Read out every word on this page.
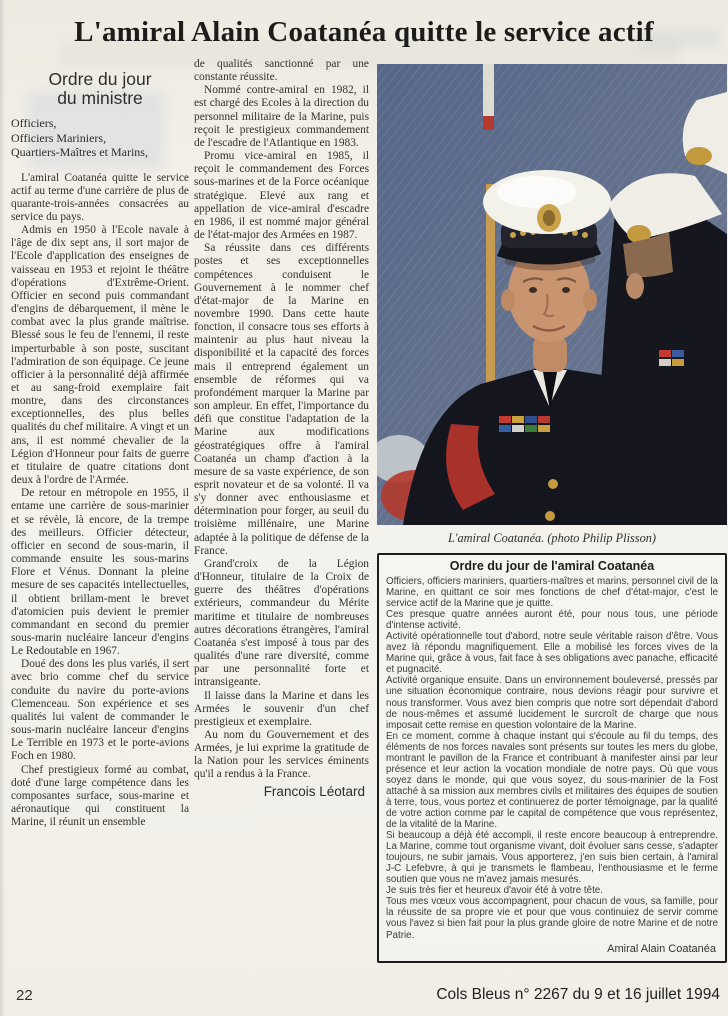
L'amiral Alain Coatanéa quitte le service actif
Ordre du jour
du ministre
Officiers,
Officiers Mariniers,
Quartiers-Maîtres et Marins,

L'amiral Coatanéa quitte le service actif au terme d'une carrière de plus de quarante-trois-années consacrées au service du pays.

Admis en 1950 à l'Ecole navale à l'âge de dix sept ans, il sort major de l'Ecole d'application des enseignes de vaisseau en 1953 et rejoint le théâtre d'opérations d'Extrême-Orient. Officier en second puis commandant d'engins de débarquement, il mène le combat avec la plus grande maîtrise. Blessé sous le feu de l'ennemi, il reste imperturbable à son poste, suscitant l'admiration de son équipage. Ce jeune officier à la personnalité déjà affirmée et au sang-froid exemplaire fait montre, dans des circonstances exceptionnelles, des plus belles qualités du chef militaire. A vingt et un ans, il est nommé chevalier de la Légion d'Honneur pour faits de guerre et titulaire de quatre citations dont deux à l'ordre de l'Armée.

De retour en métropole en 1955, il entame une carrière de sous-marinier et se révèle, là encore, de la trempe des meilleurs. Officier détecteur, officier en second de sous-marin, il commande ensuite les sous-marins Flore et Vénus. Donnant la pleine mesure de ses capacités intellectuelles, il obtient brillam-ment le brevet d'atomicien puis devient le premier commandant en second du premier sous-marin nucléaire lanceur d'engins Le Redoutable en 1967.

Doué des dons les plus variés, il sert avec brio comme chef du service conduite du navire du porte-avions Clemenceau. Son expérience et ses qualités lui valent de commander le sous-marin nucléaire lanceur d'engins Le Terrible en 1973 et le porte-avions Foch en 1980.

Chef prestigieux formé au combat, doté d'une large compétence dans les composantes surface, sous-marine et aéronautique qui constituent la Marine, il réunit un ensemble

de qualités sanctionné par une constante réussite.

Nommé contre-amiral en 1982, il est chargé des Ecoles à la direction du personnel militaire de la Marine, puis reçoit le prestigieux commandement de l'escadre de l'Atlantique en 1983.

Promu vice-amiral en 1985, il reçoit le commandement des Forces sous-marines et de la Force océanique stratégique. Elevé aux rang et appellation de vice-amiral d'escadre en 1986, il est nommé major général de l'état-major des Armées en 1987.

Sa réussite dans ces différents postes et ses exceptionnelles compétences conduisent le Gouvernement à le nommer chef d'état-major de la Marine en novembre 1990. Dans cette haute fonction, il consacre tous ses efforts à maintenir au plus haut niveau la disponibilité et la capacité des forces mais il entreprend également un ensemble de réformes qui va profondément marquer la Marine par son ampleur. En effet, l'importance du défi que constitue l'adaptation de la Marine aux modifications géostratégiques offre à l'amiral Coatanéa un champ d'action à la mesure de sa vaste expérience, de son esprit novateur et de sa volonté. Il va s'y donner avec enthousiasme et détermination pour forger, au seuil du troisième millénaire, une Marine adaptée à la politique de défense de la France.

Grand'croix de la Légion d'Honneur, titulaire de la Croix de guerre des théâtres d'opérations extérieurs, commandeur du Mérite maritime et titulaire de nombreuses autres décorations étrangères, l'amiral Coatanéa s'est imposé à tous par des qualités d'une rare diversité, comme par une personnalité forte et intransigeante.

Il laisse dans la Marine et dans les Armées le souvenir d'un chef prestigieux et exemplaire.

Au nom du Gouvernement et des Armées, je lui exprime la gratitude de la Nation pour les services éminents qu'il a rendus à la France.

Francois Léotard
L'amiral Coatanéa. (photo Philip Plisson)
Ordre du jour de l'amiral Coatanéa

Officiers, officiers mariniers, quartiers-maîtres et marins, personnel civil de la Marine, en quittant ce soir mes fonctions de chef d'état-major, c'est le service actif de la Marine que je quitte.

Ces presque quatre années auront été, pour nous tous, une période d'intense activité.

Activité opérationnelle tout d'abord, notre seule véritable raison d'être. Vous avez là répondu magnifiquement. Elle a mobilisé les forces vives de la Marine qui, grâce à vous, fait face à ses obligations avec panache, efficacité et pugnacité.

Activité organique ensuite. Dans un environnement bouleversé, pressés par une situation économique contraire, nous devions réagir pour survivre et nous transformer. Vous avez bien compris que notre sort dépendait d'abord de nous-mêmes et assumé lucidement le surcroît de charge que nous imposait cette remise en question volontaire de la Marine.

En ce moment, comme à chaque instant qui s'écoule au fil du temps, des éléments de nos forces navales sont présents sur toutes les mers du globe, montrant le pavillon de la France et contribuant à manifester ainsi par leur présence et leur action la vocation mondiale de notre pays. Où que vous soyez dans le monde, qui que vous soyez, du sous-marinier de la Fost attaché à sa mission aux membres civils et militaires des équipes de soutien à terre, tous, vous portez et continuerez de porter témoignage, par la qualité de votre action comme par le capital de compétence que vous représentez, de la vitalité de la Marine.

Si beaucoup a déjà été accompli, il reste encore beaucoup à entreprendre. La Marine, comme tout organisme vivant, doit évoluer sans cesse, s'adapter toujours, ne subir jamais. Vous apporterez, j'en suis bien certain, à l'amiral J-C Lefebvre, à qui je transmets le flambeau, l'enthousiasme et le ferme soutien que vous ne m'avez jamais mesurés.

Je suis très fier et heureux d'avoir été à votre tête.

Tous mes vœux vous accompagnent, pour chacun de vous, sa famille, pour la réussite de sa propre vie et pour que vous continuiez de servir comme vous l'avez si bien fait pour la plus grande gloire de notre Marine et de notre Patrie.

Amiral Alain Coatanéa
22	Cols Bleus n° 2267 du 9 et 16 juillet 1994
